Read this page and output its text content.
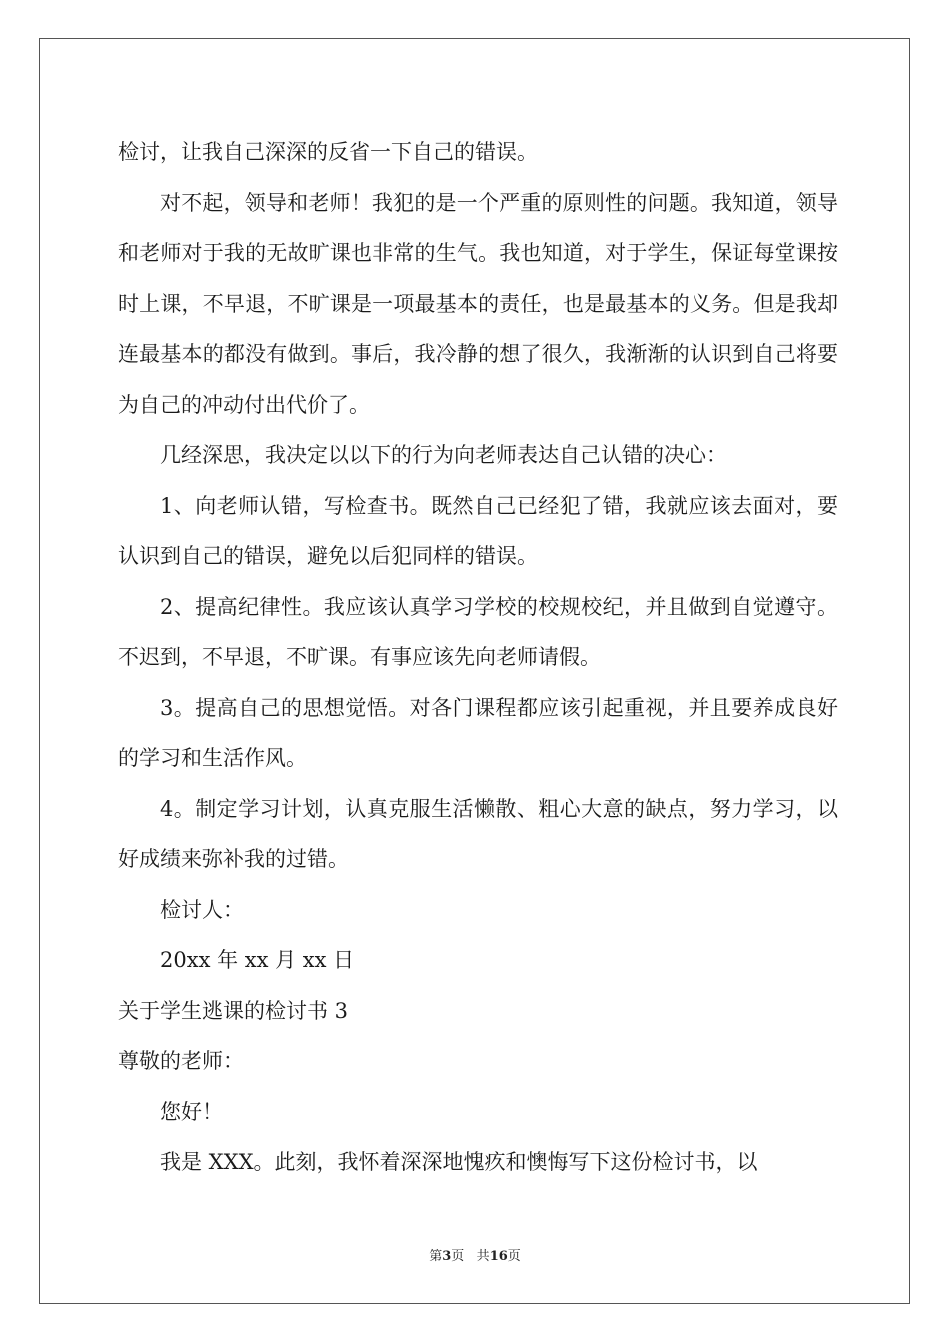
检讨，让我自己深深的反省一下自己的错误。

对不起，领导和老师！我犯的是一个严重的原则性的问题。我知道，领导和老师对于我的无故旷课也非常的生气。我也知道，对于学生，保证每堂课按时上课，不早退，不旷课是一项最基本的责任，也是最基本的义务。但是我却连最基本的都没有做到。事后，我冷静的想了很久，我渐渐的认识到自己将要为自己的冲动付出代价了。

几经深思，我决定以以下的行为向老师表达自己认错的决心：

1、向老师认错，写检查书。既然自己已经犯了错，我就应该去面对，要认识到自己的错误，避免以后犯同样的错误。

2、提高纪律性。我应该认真学习学校的校规校纪，并且做到自觉遵守。不迟到，不早退，不旷课。有事应该先向老师请假。

3。提高自己的思想觉悟。对各门课程都应该引起重视，并且要养成良好的学习和生活作风。

4。制定学习计划，认真克服生活懒散、粗心大意的缺点，努力学习，以好成绩来弥补我的过错。

检讨人：

20xx 年 xx 月 xx 日

关于学生逃课的检讨书 3

尊敬的老师：

您好！

我是 XXX。此刻，我怀着深深地愧疚和懊悔写下这份检讨书，以

第3页 共16页
